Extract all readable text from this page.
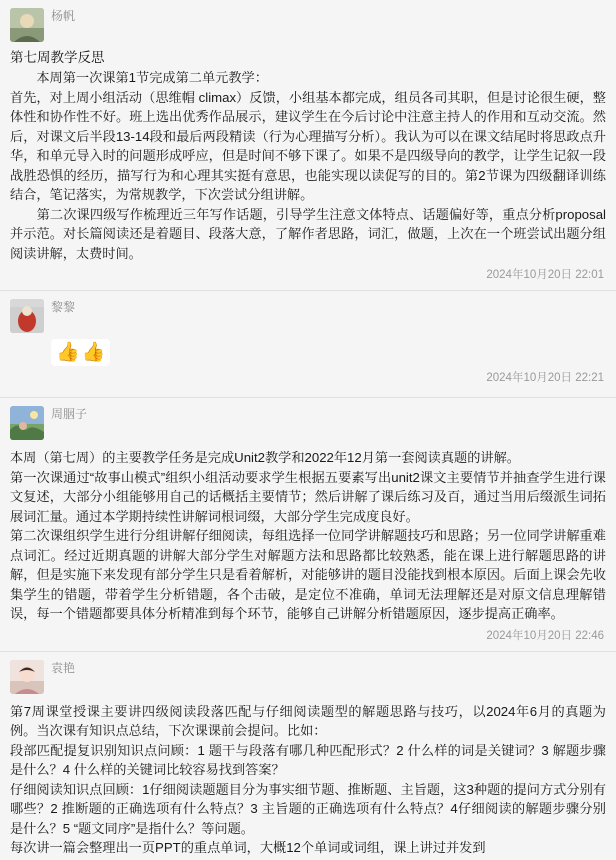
杨帆
第七周教学反思
　　本周第一次课第1节完成第二单元教学：
首先，对上周小组活动（思维帽 climax）反馈，小组基本都完成，组员各司其职，但是讨论很生硬，整体性和协作性不好。班上选出优秀作品展示，建议学生在今后讨论中注意主持人的作用和互动交流。然后，对课文后半段13-14段和最后两段精读（行为心理描写分析）。我认为可以在课文结尾时将思政点升华，和单元导入时的问题形成呼应，但是时间不够下课了。如果不是四级导向的教学，让学生记叙一段战胜恐惧的经历，描写行为和心理其实挺有意思，也能实现以读促写的目的。第2节课为四级翻译训练结合，笔记落实，为常规教学，下次尝试分组讲解。
　　第二次课四级写作梳理近三年写作话题，引导学生注意文体特点、话题偏好等，重点分析proposal并示范。对长篇阅读还是着题目、段落大意，了解作者思路，词汇，做题，上次在一个班尝试出题分组阅读讲解，太费时间。
2024年10月20日 22:01
黎黎
👍 👍
2024年10月20日 22:21
周胭子
本周（第七周）的主要教学任务是完成Unit2教学和2022年12月第一套阅读真题的讲解。
第一次课通过“故事山模式”组织小组活动要求学生根据五要素写出unit2课文主要情节并抽查学生进行课文复述，大部分小组能够用自己的话概括主要情节；然后讲解了课后练习及百，通过当用后缀派生词拓展词汇量。通过本学期持续性讲解词根词缀，大部分学生完成度良好。
第二次课组织学生进行分组讲解仔细阅读，每组选择一位同学讲解题技巧和思路；另一位同学讲解重难点词汇。经过近期真题的讲解大部分学生对解题方法和思路都比较熟悉，能在课上进行解题思路的讲解，但是实施下来发现有部分学生只是看着解析，对能够讲的题目没能找到根本原因。后面上课会先收集学生的错题，带着学生分析错题，各个击破，是定位不准确，单词无法理解还是对原文信息理解错误，每一个错题都要具体分析精准到每个环节，能够自己讲解分析错题原因，逐步提高正确率。
2024年10月20日 22:46
袁艳
第7周课堂授课主要讲四级阅读段落匹配与仔细阅读题型的解题思路与技巧，以2024年6月的真题为例。当次课有知识点总结，下次课课前会提问。比如：
段部匹配提复识别知识点问顾：1 题干与段落有哪几种匹配形式？2 什么样的词是关键词？3 解题步骤是什么？4 什么样的关键词比较容易找到答案？
仔细阅读知识点回顾：1仔细阅读题题目分为事实细节题、推断题、主旨题，这3种题的提问方式分别有哪些？2 推断题的正确选项有什么特点？3 主旨题的正确选项有什么特点？4仔细阅读的解题步骤分别是什么？5 “题文同序”是指什么？等问题。
每次讲一篇会整理出一页PPT的重点单词，大概12个单词或词组，课上讲过并发到
